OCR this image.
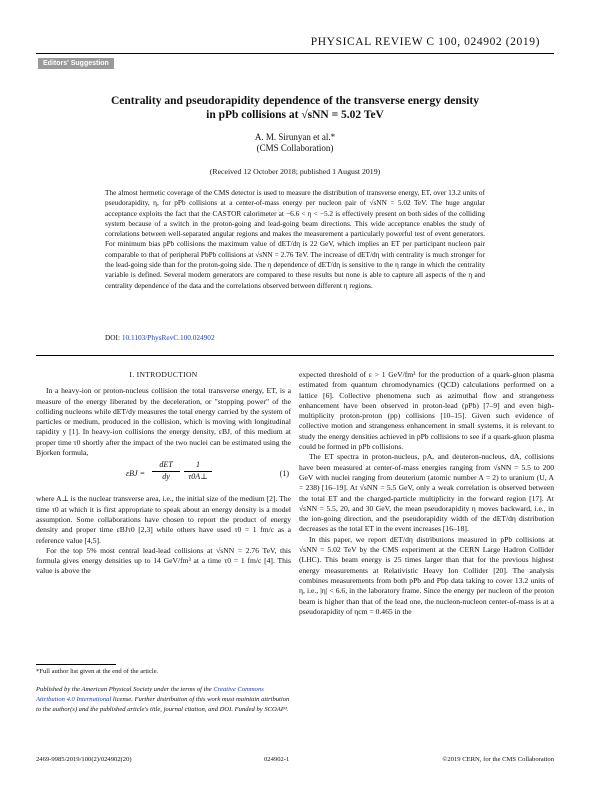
PHYSICAL REVIEW C 100, 024902 (2019)
Editors' Suggestion
Centrality and pseudorapidity dependence of the transverse energy density
in pPb collisions at √sNN = 5.02 TeV
A. M. Sirunyan et al.*
(CMS Collaboration)
(Received 12 October 2018; published 1 August 2019)
The almost hermetic coverage of the CMS detector is used to measure the distribution of transverse energy, ET, over 13.2 units of pseudorapidity, η, for pPb collisions at a center-of-mass energy per nucleon pair of √sNN = 5.02 TeV. The huge angular acceptance exploits the fact that the CASTOR calorimeter at −6.6 < η < −5.2 is effectively present on both sides of the colliding system because of a switch in the proton-going and lead-going beam directions. This wide acceptance enables the study of correlations between well-separated angular regions and makes the measurement a particularly powerful test of event generators. For minimum bias pPb collisions the maximum value of dET/dη is 22 GeV, which implies an ET per participant nucleon pair comparable to that of peripheral PbPb collisions at √sNN = 2.76 TeV. The increase of dET/dη with centrality is much stronger for the lead-going side than for the proton-going side. The η dependence of dET/dη is sensitive to the η range in which the centrality variable is defined. Several modern generators are compared to these results but none is able to capture all aspects of the η and centrality dependence of the data and the correlations observed between different η regions.
DOI: 10.1103/PhysRevC.100.024902
I. INTRODUCTION

In a heavy-ion or proton-nucleus collision the total transverse energy, ET, is a measure of the energy liberated by the deceleration, or "stopping power" of the colliding nucleons while dET/dy measures the total energy carried by the system of particles or medium, produced in the collision, which is moving with longitudinal rapidity y [1]. In heavy-ion collisions the energy density, εBJ, of this medium at proper time τ0 shortly after the impact of the two nuclei can be estimated using the Bjorken formula,

εBJ =
dET
dy	$\frac{1}{\tau 0A\perp}$	(1)

where A⊥ is the nuclear transverse area, i.e., the initial size of the medium [2]. The time τ0 at which it is first appropriate to speak about an energy density is a model assumption. Some collaborations have chosen to report the product of energy density and proper time εBJτ0 [2,3] while others have used τ0 = 1 fm/c as a reference value [4,5].

For the top 5% most central lead-lead collisions at √sNN = 2.76 TeV, this formula gives energy densities up to 14 GeV/fm³ at a time τ0 = 1 fm/c [4]. This value is above the

*Full author list given at the end of the article.
Published by the American Physical Society under the terms of the Creative Commons Attribution 4.0 International license. Further distribution of this work must maintain attribution to the author(s) and the published article's title, journal citation, and DOI. Funded by SCOAP³.

expected threshold of ε > 1 GeV/fm³ for the production of a quark-gluon plasma estimated from quantum chromodynamics (QCD) calculations performed on a lattice [6]. Collective phenomena such as azimuthal flow and strangeness enhancement have been observed in proton-lead (pPb) [7–9] and even high-multiplicity proton-proton (pp) collisions [10–15]. Given such evidence of collective motion and strangeness enhancement in small systems, it is relevant to study the energy densities achieved in pPb collisions to see if a quark-gluon plasma could be formed in pPb collisions.

The ET spectra in proton-nucleus, pA, and deuteron-nucleus, dA, collisions have been measured at center-of-mass energies ranging from √sNN = 5.5 to 200 GeV with nuclei ranging from deuterium (atomic number A = 2) to uranium (U, A = 238) [16–19]. At √sNN = 5.5 GeV, only a weak correlation is observed between the total ET and the charged-particle multiplicity in the forward region [17]. At √sNN = 5.5, 20, and 30 GeV, the mean pseudorapidity η moves backward, i.e., in the ion-going direction, and the pseudorapidity width of the dET/dη distribution decreases as the total ET in the event increases [16–18].

In this paper, we report dET/dη distributions measured in pPb collisions at √sNN = 5.02 TeV by the CMS experiment at the CERN Large Hadron Collider (LHC). This beam energy is 25 times larger than that for the previous highest energy measurements at Relativistic Heavy Ion Collider [20]. The analysis combines measurements from both pPb and Pbp data taking to cover 13.2 units of η, i.e., |η| < 6.6, in the laboratory frame. Since the energy per nucleon of the proton beam is higher than that of the lead one, the nucleon-nucleon center-of-mass is at a pseudorapidity of ηcm = 0.465 in the

2469-9985/2019/100(2)/024902(20)	024902-1	©2019 CERN, for the CMS Collaboration
